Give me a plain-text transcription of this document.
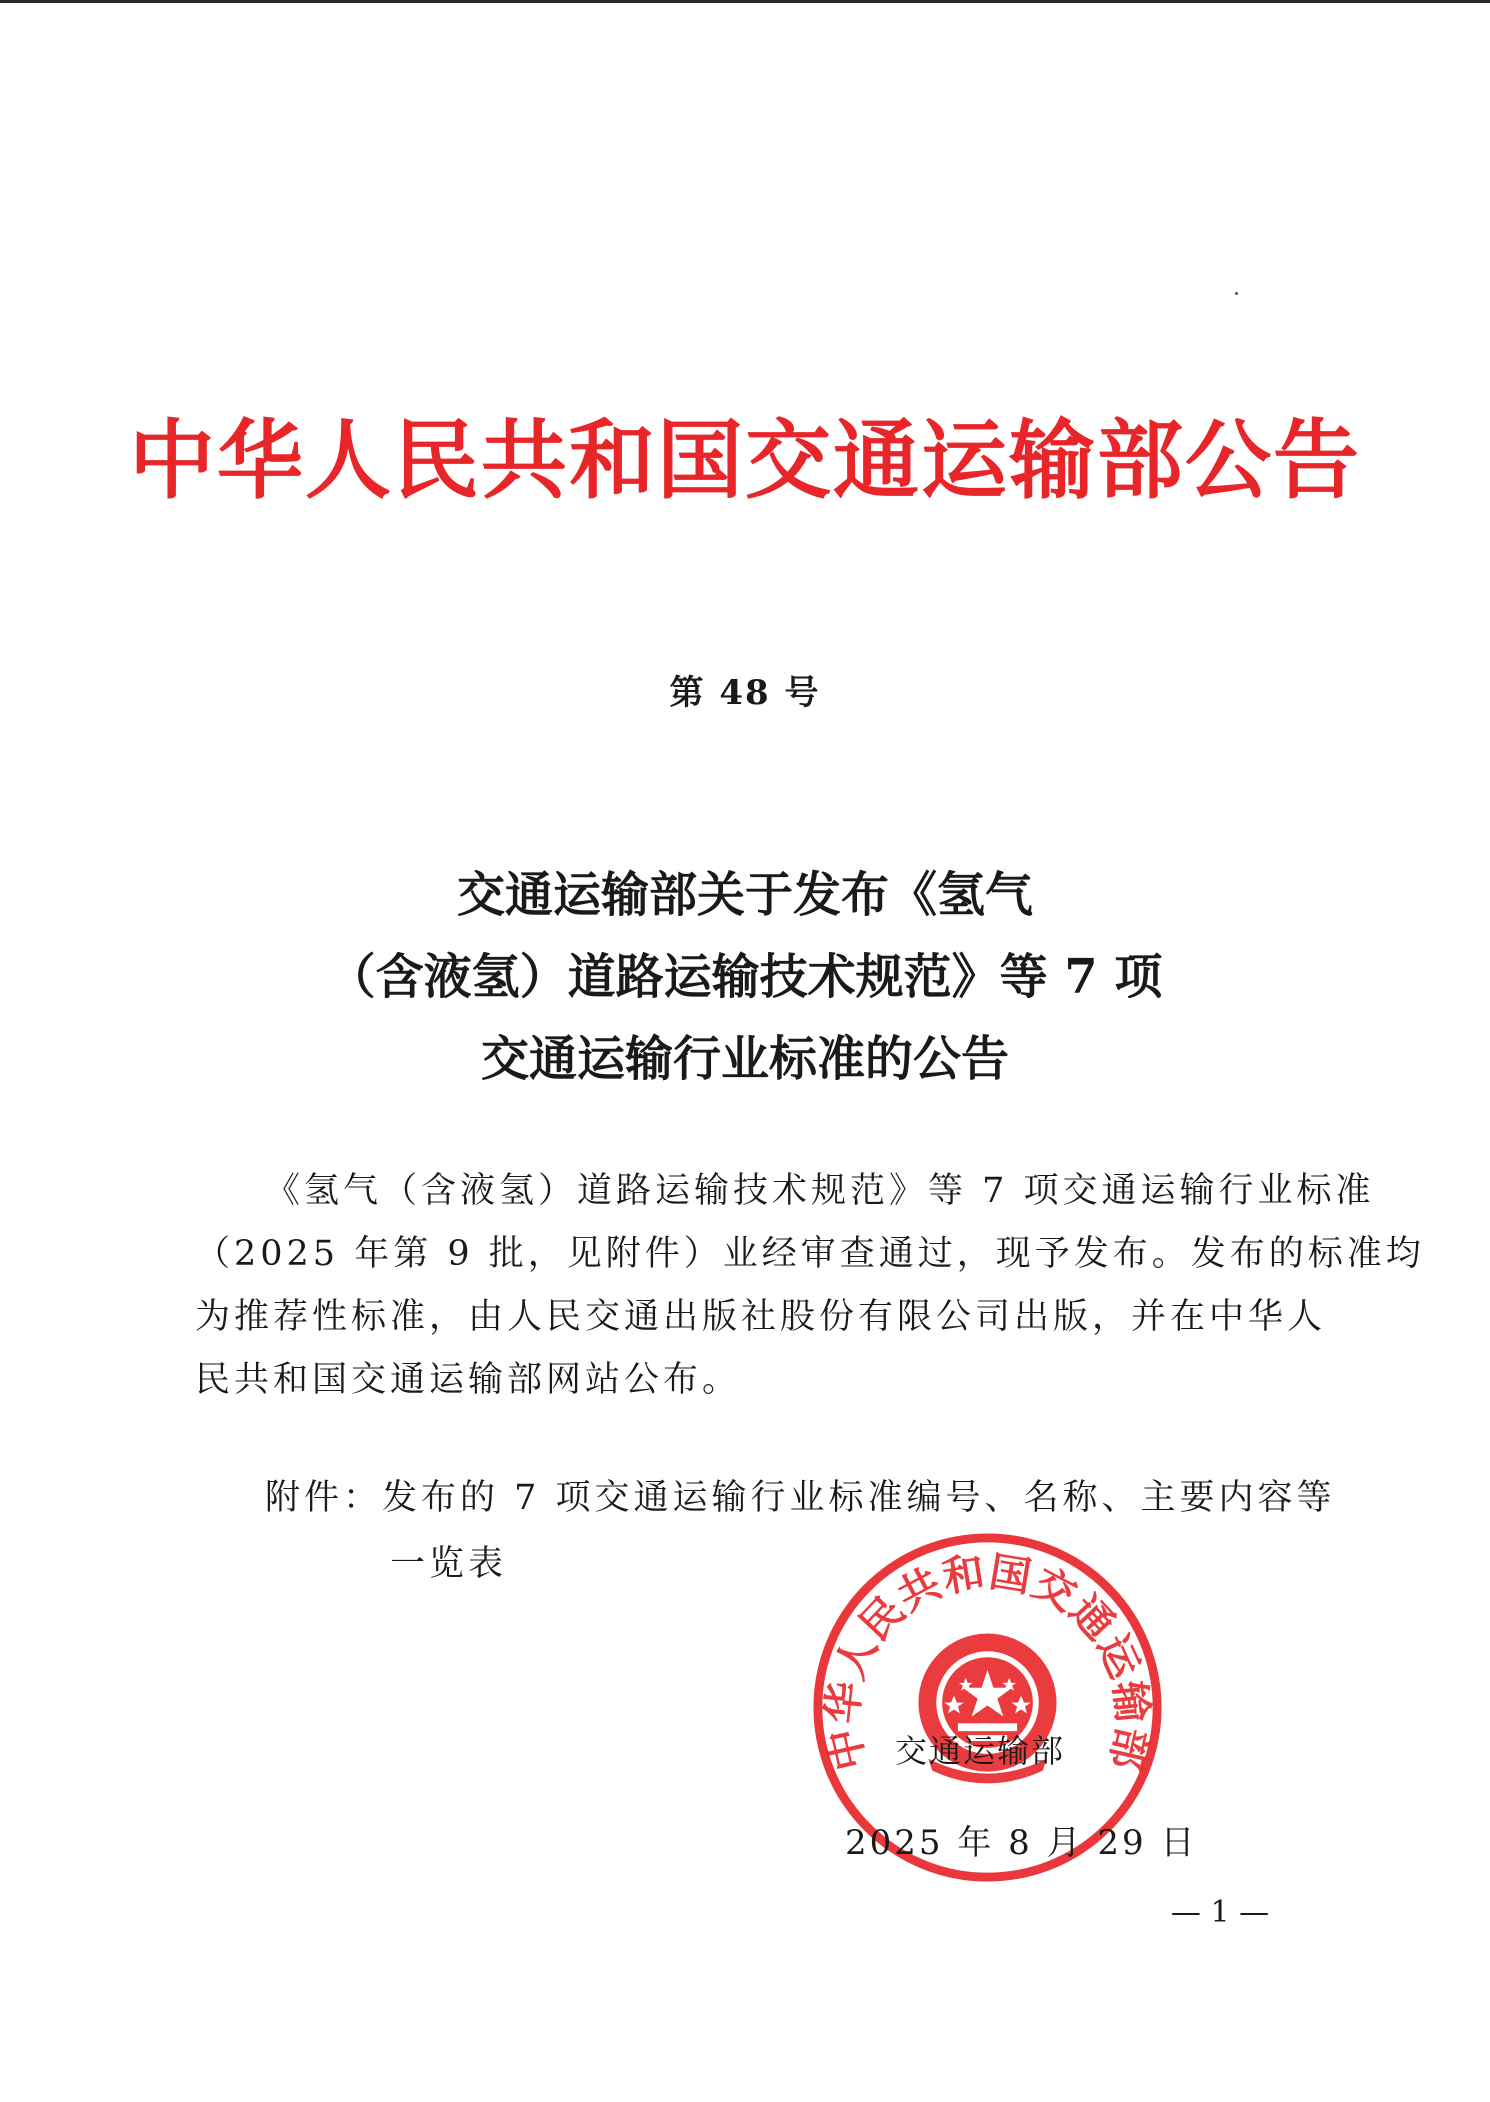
中华人民共和国交通运输部公告
第 48 号
交通运输部关于发布《氢气
（含液氢）道路运输技术规范》等 7 项
交通运输行业标准的公告
《氢气（含液氢）道路运输技术规范》等 7 项交通运输行业标准
（2025 年第 9 批，见附件）业经审查通过，现予发布。发布的标准均
为推荐性标准，由人民交通出版社股份有限公司出版，并在中华人
民共和国交通运输部网站公布。
附件：发布的 7 项交通运输行业标准编号、名称、主要内容等
一览表
中华人民共和国交通运输部
交通运输部
2025 年 8 月 29 日
— 1 —
